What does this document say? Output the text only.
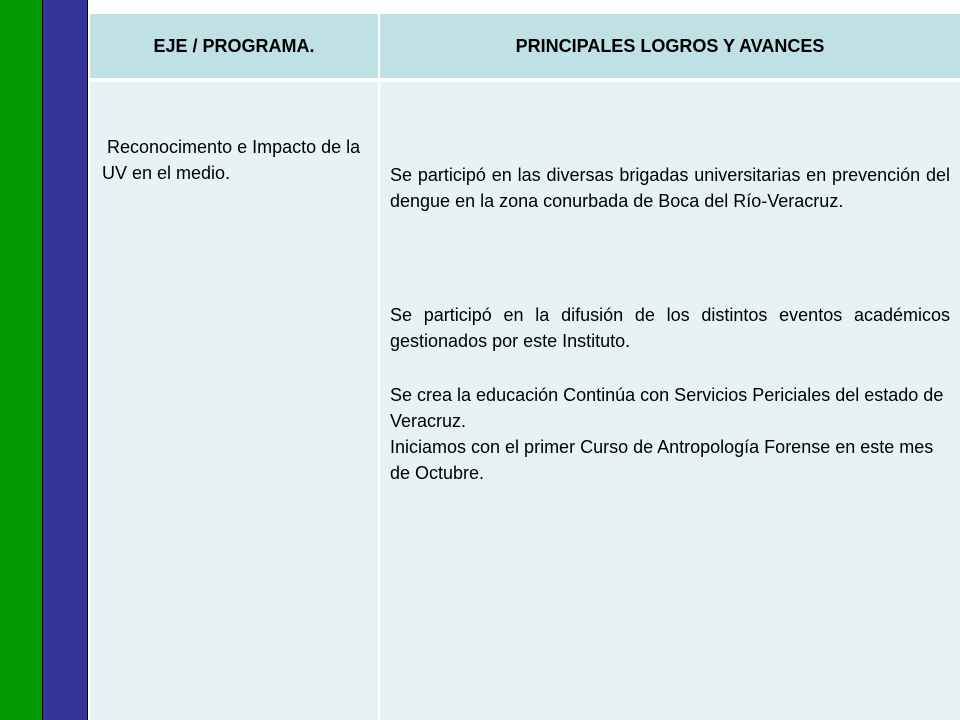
EJE / PROGRAMA.	PRINCIPALES LOGROS Y AVANCES
Reconocimento e Impacto de la UV en el medio.	Se participó en las diversas brigadas universitarias en prevención del dengue en la zona conurbada de Boca del Río-Veracruz.

Se participó en la difusión de los distintos eventos académicos gestionados por este Instituto.

Se crea la educación Continúa con Servicios Periciales del estado de Veracruz.

Iniciamos con el primer Curso de Antropología Forense en este mes de Octubre.
